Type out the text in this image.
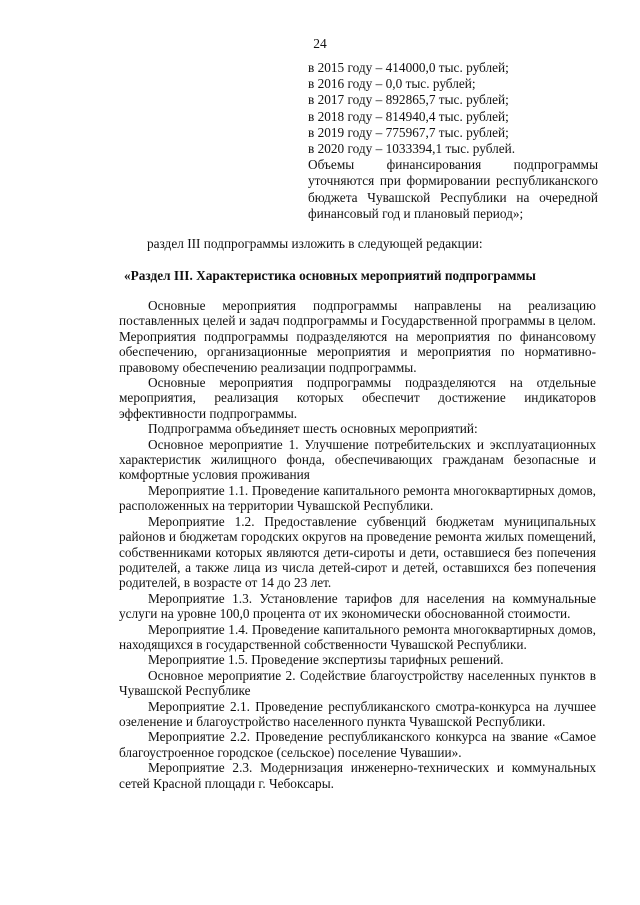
24
в 2015 году – 414000,0 тыс. рублей;
в 2016 году – 0,0 тыс. рублей;
в 2017 году – 892865,7 тыс. рублей;
в 2018 году – 814940,4 тыс. рублей;
в 2019 году – 775967,7 тыс. рублей;
в 2020 году – 1033394,1 тыс. рублей.

Объемы финансирования подпрограммы уточняются при формировании республиканского бюджета Чувашской Республики на очередной финансовый год и плановый период»;

раздел III подпрограммы изложить в следующей редакции:
«Раздел III. Характеристика основных мероприятий подпрограммы

Основные мероприятия подпрограммы направлены на реализацию поставленных целей и задач подпрограммы и Государственной программы в целом. Мероприятия подпрограммы подразделяются на мероприятия по финансовому обеспечению, организационные мероприятия и мероприятия по нормативно-правовому обеспечению реализации подпрограммы.

Основные мероприятия подпрограммы подразделяются на отдельные мероприятия, реализация которых обеспечит достижение индикаторов эффективности подпрограммы.

Подпрограмма объединяет шесть основных мероприятий:

Основное мероприятие 1. Улучшение потребительских и эксплуатационных характеристик жилищного фонда, обеспечивающих гражданам безопасные и комфортные условия проживания

Мероприятие 1.1. Проведение капитального ремонта многоквартирных домов, расположенных на территории Чувашской Республики.

Мероприятие 1.2. Предоставление субвенций бюджетам муниципальных районов и бюджетам городских округов на проведение ремонта жилых помещений, собственниками которых являются дети-сироты и дети, оставшиеся без попечения родителей, а также лица из числа детей-сирот и детей, оставшихся без попечения родителей, в возрасте от 14 до 23 лет.

Мероприятие 1.3. Установление тарифов для населения на коммунальные услуги на уровне 100,0 процента от их экономически обоснованной стоимости.

Мероприятие 1.4. Проведение капитального ремонта многоквартирных домов, находящихся в государственной собственности Чувашской Республики.

Мероприятие 1.5. Проведение экспертизы тарифных решений.

Основное мероприятие 2. Содействие благоустройству населенных пунктов в Чувашской Республике

Мероприятие 2.1. Проведение республиканского смотра-конкурса на лучшее озеленение и благоустройство населенного пункта Чувашской Республики.

Мероприятие 2.2. Проведение республиканского конкурса на звание «Самое благоустроенное городское (сельское) поселение Чувашии».

Мероприятие 2.3. Модернизация инженерно-технических и коммунальных сетей Красной площади г. Чебоксары.
